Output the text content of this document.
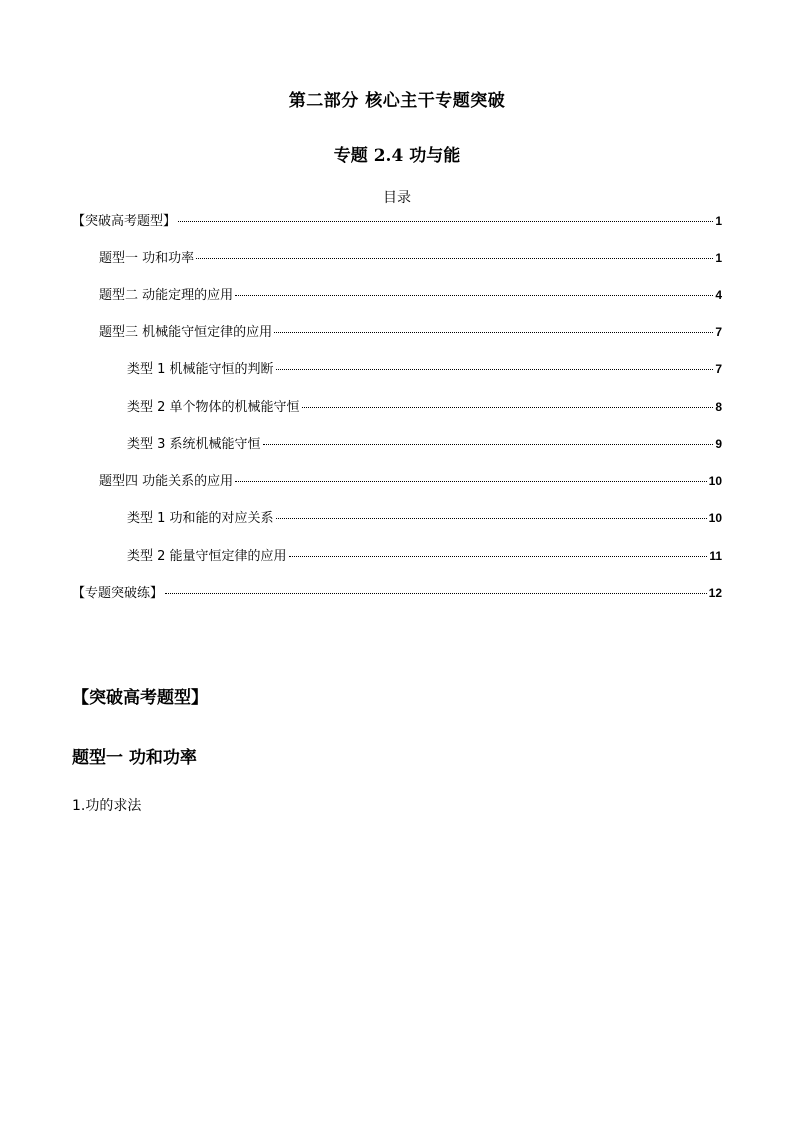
第二部分 核心主干专题突破
专题 2.4 功与能
目录
【突破高考题型】	1
题型一 功和功率	1
题型二 动能定理的应用	4
题型三 机械能守恒定律的应用	7
类型 1 机械能守恒的判断	7
类型 2 单个物体的机械能守恒	8
类型 3 系统机械能守恒	9
题型四 功能关系的应用	10
类型 1 功和能的对应关系	10
类型 2 能量守恒定律的应用	11
【专题突破练】	12
【突破高考题型】
题型一 功和功率
1.功的求法
